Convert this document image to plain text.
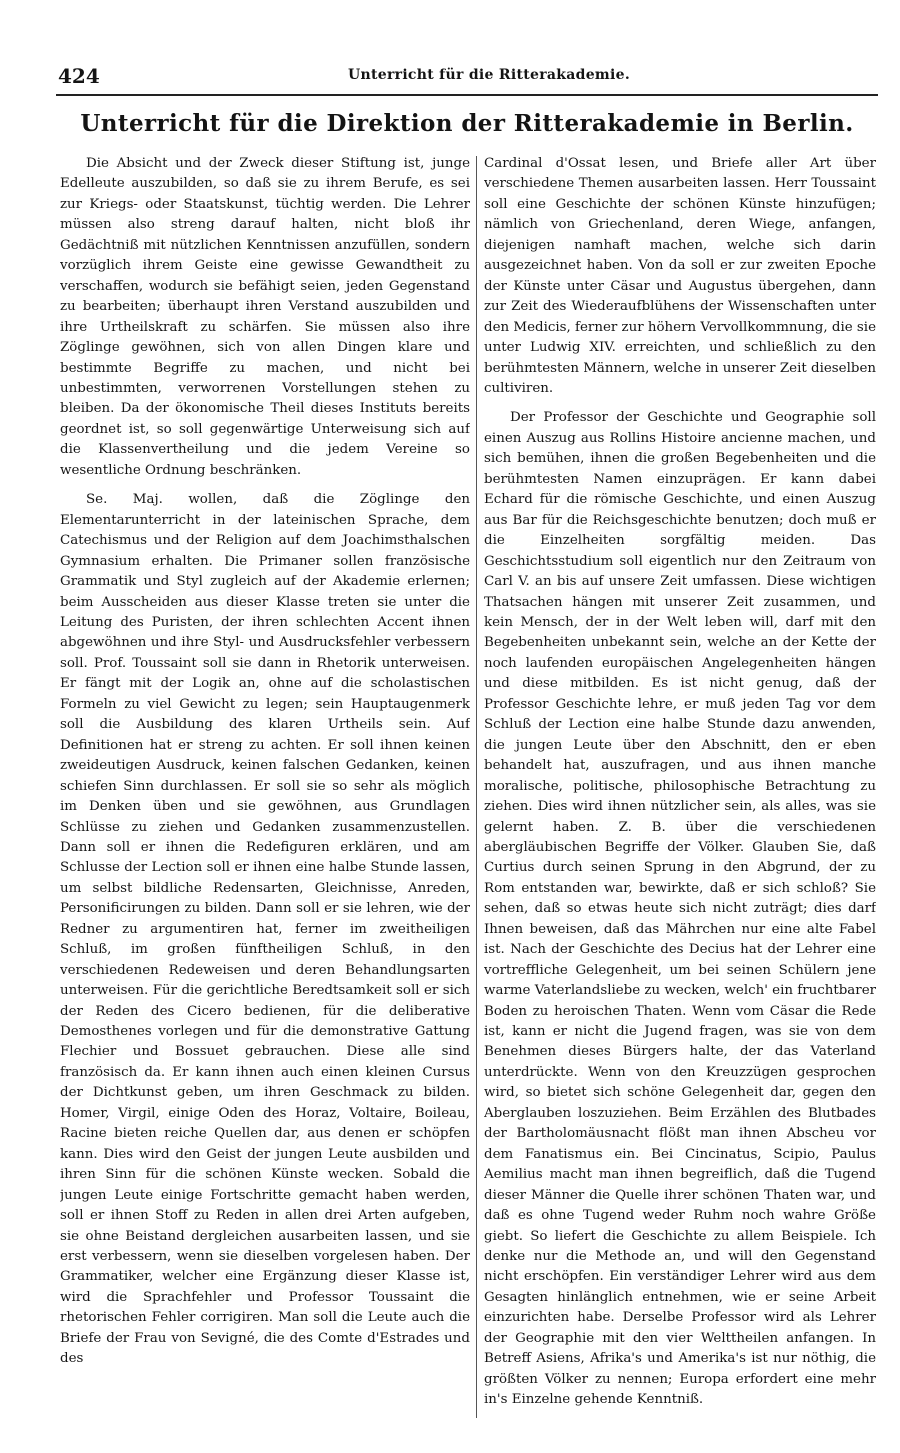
424	Unterricht für die Ritterakademie.
Unterricht für die Direktion der Ritterakademie in Berlin.

Die Absicht und der Zweck dieser Stiftung ist, junge Edelleute auszubilden, so daß sie zu ihrem Berufe, es sei zur Kriegs- oder Staatskunst, tüchtig werden. Die Lehrer müssen also streng darauf halten, nicht bloß ihr Gedächtniß mit nützlichen Kenntnissen anzufüllen, sondern vorzüglich ihrem Geiste eine gewisse Gewandtheit zu verschaffen, wodurch sie befähigt seien, jeden Gegenstand zu bearbeiten; überhaupt ihren Verstand auszubilden und ihre Urtheilskraft zu schärfen. Sie müssen also ihre Zöglinge gewöhnen, sich von allen Dingen klare und bestimmte Begriffe zu machen, und nicht bei unbestimmten, verworrenen Vorstellungen stehen zu bleiben. Da der ökonomische Theil dieses Instituts bereits geordnet ist, so soll gegenwärtige Unterweisung sich auf die Klassenvertheilung und die jedem Vereine so wesentliche Ordnung beschränken.

Se. Maj. wollen, daß die Zöglinge den Elementarunterricht in der lateinischen Sprache, dem Catechismus und der Religion auf dem Joachimsthalschen Gymnasium erhalten. Die Primaner sollen französische Grammatik und Styl zugleich auf der Akademie erlernen; beim Ausscheiden aus dieser Klasse treten sie unter die Leitung des Puristen, der ihren schlechten Accent ihnen abgewöhnen und ihre Styl- und Ausdrucksfehler verbessern soll. Prof. Toussaint soll sie dann in Rhetorik unterweisen. Er fängt mit der Logik an, ohne auf die scholastischen Formeln zu viel Gewicht zu legen; sein Hauptaugenmerk soll die Ausbildung des klaren Urtheils sein. Auf Definitionen hat er streng zu achten. Er soll ihnen keinen zweideutigen Ausdruck, keinen falschen Gedanken, keinen schiefen Sinn durchlassen. Er soll sie so sehr als möglich im Denken üben und sie gewöhnen, aus Grundlagen Schlüsse zu ziehen und Gedanken zusammenzustellen. Dann soll er ihnen die Redefiguren erklären, und am Schlusse der Lection soll er ihnen eine halbe Stunde lassen, um selbst bildliche Redensarten, Gleichnisse, Anreden, Personificirungen zu bilden. Dann soll er sie lehren, wie der Redner zu argumentiren hat, ferner im zweitheiligen Schluß, im großen fünftheiligen Schluß, in den verschiedenen Redeweisen und deren Behandlungsarten unterweisen. Für die gerichtliche Beredtsamkeit soll er sich der Reden des Cicero bedienen, für die deliberative Demosthenes vorlegen und für die demonstrative Gattung Flechier und Bossuet gebrauchen. Diese alle sind französisch da. Er kann ihnen auch einen kleinen Cursus der Dichtkunst geben, um ihren Geschmack zu bilden. Homer, Virgil, einige Oden des Horaz, Voltaire, Boileau, Racine bieten reiche Quellen dar, aus denen er schöpfen kann. Dies wird den Geist der jungen Leute ausbilden und ihren Sinn für die schönen Künste wecken. Sobald die jungen Leute einige Fortschritte gemacht haben werden, soll er ihnen Stoff zu Reden in allen drei Arten aufgeben, sie ohne Beistand dergleichen ausarbeiten lassen, und sie erst verbessern, wenn sie dieselben vorgelesen haben. Der Grammatiker, welcher eine Ergänzung dieser Klasse ist, wird die Sprachfehler und Professor Toussaint die rhetorischen Fehler corrigiren. Man soll die Leute auch die Briefe der Frau von Sevigné, die des Comte d'Estrades und des

Cardinal d'Ossat lesen, und Briefe aller Art über verschiedene Themen ausarbeiten lassen. Herr Toussaint soll eine Geschichte der schönen Künste hinzufügen; nämlich von Griechenland, deren Wiege, anfangen, diejenigen namhaft machen, welche sich darin ausgezeichnet haben. Von da soll er zur zweiten Epoche der Künste unter Cäsar und Augustus übergehen, dann zur Zeit des Wiederaufblühens der Wissenschaften unter den Medicis, ferner zur höhern Vervollkommnung, die sie unter Ludwig XIV. erreichten, und schließlich zu den berühmtesten Männern, welche in unserer Zeit dieselben cultiviren.

Der Professor der Geschichte und Geographie soll einen Auszug aus Rollins Histoire ancienne machen, und sich bemühen, ihnen die großen Begebenheiten und die berühmtesten Namen einzuprägen. Er kann dabei Echard für die römische Geschichte, und einen Auszug aus Bar für die Reichsgeschichte benutzen; doch muß er die Einzelheiten sorgfältig meiden. Das Geschichtsstudium soll eigentlich nur den Zeitraum von Carl V. an bis auf unsere Zeit umfassen. Diese wichtigen Thatsachen hängen mit unserer Zeit zusammen, und kein Mensch, der in der Welt leben will, darf mit den Begebenheiten unbekannt sein, welche an der Kette der noch laufenden europäischen Angelegenheiten hängen und diese mitbilden. Es ist nicht genug, daß der Professor Geschichte lehre, er muß jeden Tag vor dem Schluß der Lection eine halbe Stunde dazu anwenden, die jungen Leute über den Abschnitt, den er eben behandelt hat, auszufragen, und aus ihnen manche moralische, politische, philosophische Betrachtung zu ziehen. Dies wird ihnen nützlicher sein, als alles, was sie gelernt haben. Z. B. über die verschiedenen abergläubischen Begriffe der Völker. Glauben Sie, daß Curtius durch seinen Sprung in den Abgrund, der zu Rom entstanden war, bewirkte, daß er sich schloß? Sie sehen, daß so etwas heute sich nicht zuträgt; dies darf Ihnen beweisen, daß das Mährchen nur eine alte Fabel ist. Nach der Geschichte des Decius hat der Lehrer eine vortreffliche Gelegenheit, um bei seinen Schülern jene warme Vaterlandsliebe zu wecken, welch' ein fruchtbarer Boden zu heroischen Thaten. Wenn vom Cäsar die Rede ist, kann er nicht die Jugend fragen, was sie von dem Benehmen dieses Bürgers halte, der das Vaterland unterdrückte. Wenn von den Kreuzzügen gesprochen wird, so bietet sich schöne Gelegenheit dar, gegen den Aberglauben loszuziehen. Beim Erzählen des Blutbades der Bartholomäusnacht flößt man ihnen Abscheu vor dem Fanatismus ein. Bei Cincinatus, Scipio, Paulus Aemilius macht man ihnen begreiflich, daß die Tugend dieser Männer die Quelle ihrer schönen Thaten war, und daß es ohne Tugend weder Ruhm noch wahre Größe giebt. So liefert die Geschichte zu allem Beispiele. Ich denke nur die Methode an, und will den Gegenstand nicht erschöpfen. Ein verständiger Lehrer wird aus dem Gesagten hinlänglich entnehmen, wie er seine Arbeit einzurichten habe. Derselbe Professor wird als Lehrer der Geographie mit den vier Welttheilen anfangen. In Betreff Asiens, Afrika's und Amerika's ist nur nöthig, die größten Völker zu nennen; Europa erfordert eine mehr in's Einzelne gehende Kenntniß.
